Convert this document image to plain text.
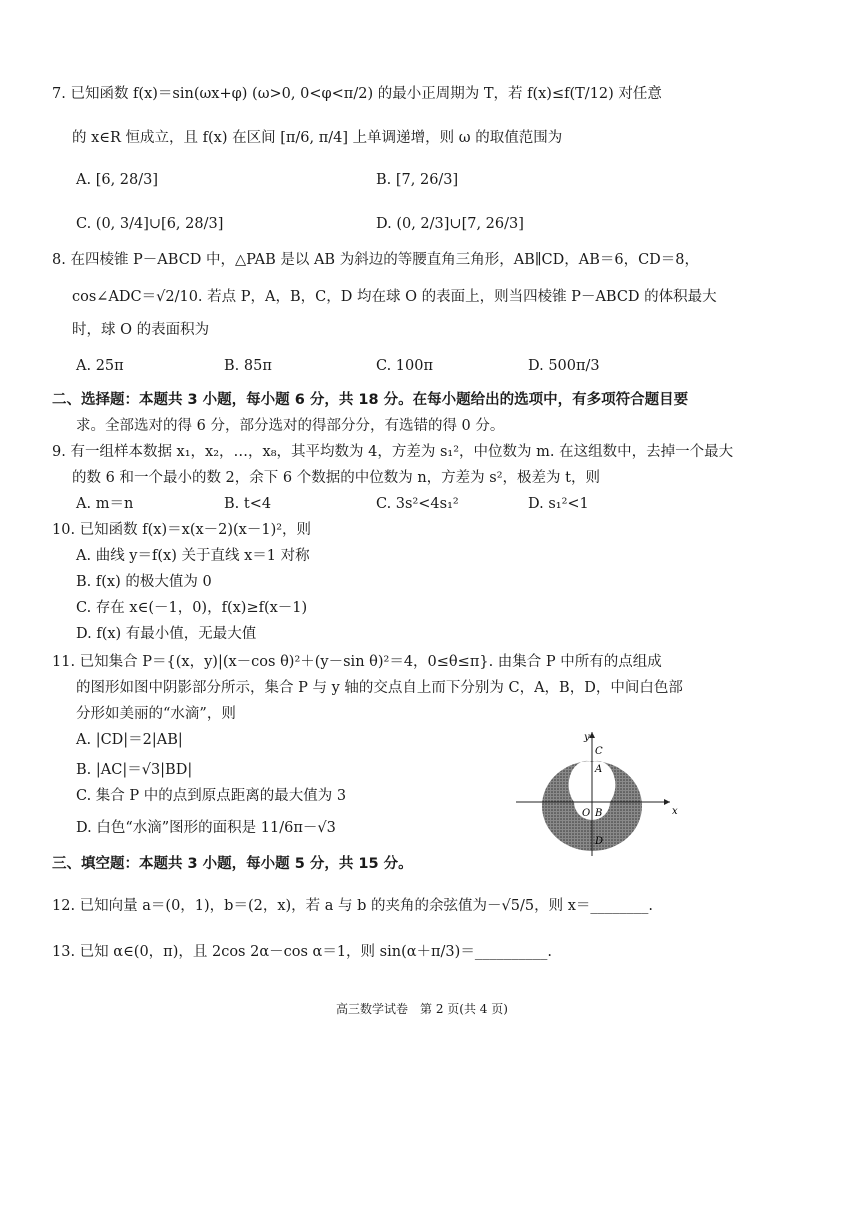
7. 已知函数 f(x)＝sin(ωx+φ) (ω>0, 0<φ<π/2) 的最小正周期为 T，若 f(x)≤f(T/12) 对任意
的 x∈R 恒成立，且 f(x) 在区间 [π/6, π/4] 上单调递增，则 ω 的取值范围为
A. [6, 28/3]	B. [7, 26/3]
C. (0, 3/4]∪[6, 28/3]	D. (0, 2/3]∪[7, 26/3]
8. 在四棱锥 P－ABCD 中，△PAB 是以 AB 为斜边的等腰直角三角形，AB∥CD，AB＝6，CD＝8，
cos∠ADC＝√2/10. 若点 P，A，B，C，D 均在球 O 的表面上，则当四棱锥 P－ABCD 的体积最大
时，球 O 的表面积为
A. 25π	B. 85π	C. 100π	D. 500π/3
二、选择题：本题共 3 小题，每小题 6 分，共 18 分。在每小题给出的选项中，有多项符合题目要
求。全部选对的得 6 分，部分选对的得部分分，有选错的得 0 分。
9. 有一组样本数据 x₁，x₂，…，x₈，其平均数为 4，方差为 s₁²，中位数为 m. 在这组数中，去掉一个最大
的数 6 和一个最小的数 2，余下 6 个数据的中位数为 n，方差为 s²，极差为 t，则
A. m＝n	B. t<4	C. 3s²<4s₁²	D. s₁²<1
10. 已知函数 f(x)＝x(x－2)(x－1)²，则
A. 曲线 y＝f(x) 关于直线 x＝1 对称
B. f(x) 的极大值为 0
C. 存在 x∈(－1，0)，f(x)≥f(x－1)
D. f(x) 有最小值，无最大值
11. 已知集合 P＝{(x，y)|(x－cos θ)²＋(y－sin θ)²＝4，0≤θ≤π}. 由集合 P 中所有的点组成
的图形如图中阴影部分所示，集合 P 与 y 轴的交点自上而下分别为 C，A，B，D，中间白色部
分形如美丽的“水滴”，则
A. |CD|＝2|AB|
B. |AC|＝√3|BD|
C. 集合 P 中的点到原点距离的最大值为 3
D. 白色“水滴”图形的面积是 11/6π－√3
y
x
O
C
A
B
D
三、填空题：本题共 3 小题，每小题 5 分，共 15 分。
12. 已知向量 a＝(0，1)，b＝(2，x)，若 a 与 b 的夹角的余弦值为－√5/5，则 x＝________.
13. 已知 α∈(0，π)，且 2cos 2α－cos α＝1，则 sin(α＋π/3)＝__________.
高三数学试卷　第 2 页(共 4 页)
